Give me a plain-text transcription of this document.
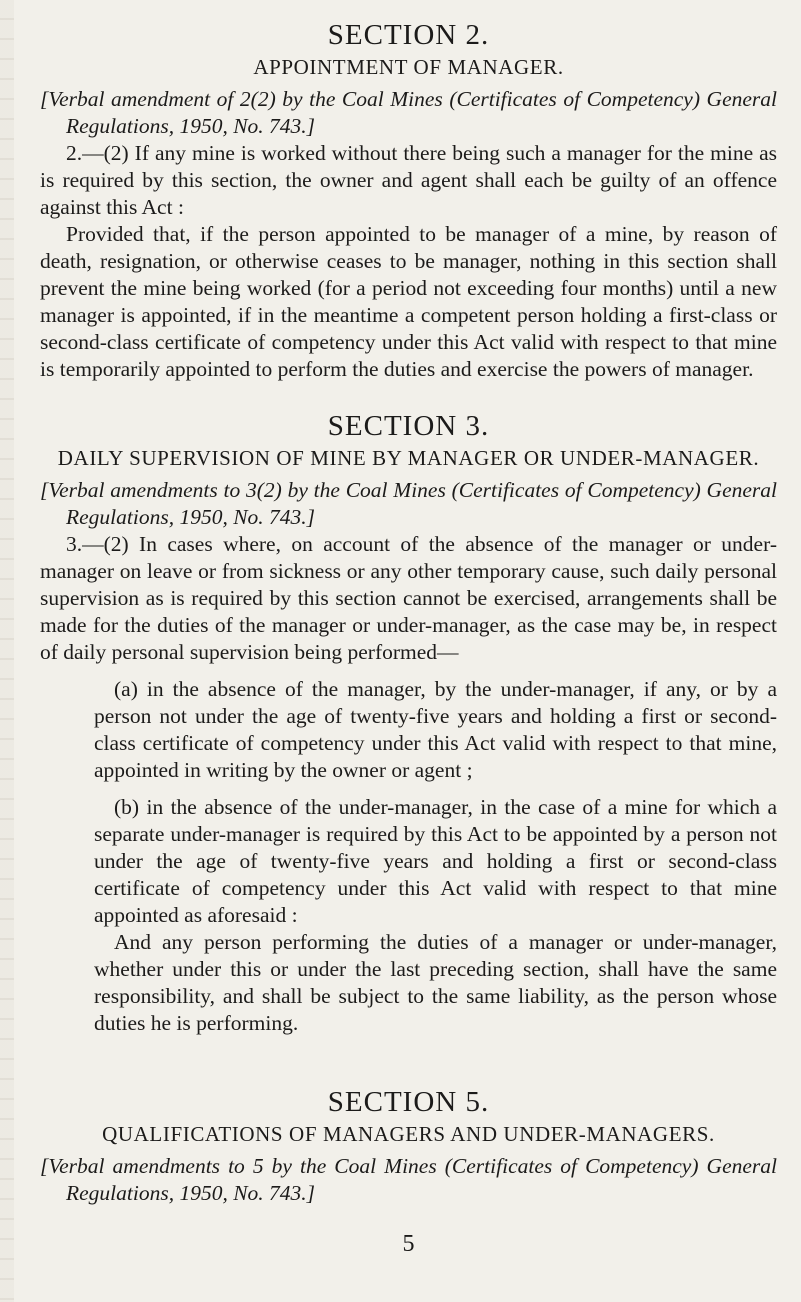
SECTION 2.
APPOINTMENT OF MANAGER.

[Verbal amendment of 2(2) by the Coal Mines (Certificates of Competency) General Regulations, 1950, No. 743.]

2.—(2) If any mine is worked without there being such a manager for the mine as is required by this section, the owner and agent shall each be guilty of an offence against this Act :

Provided that, if the person appointed to be manager of a mine, by reason of death, resignation, or otherwise ceases to be manager, nothing in this section shall prevent the mine being worked (for a period not exceeding four months) until a new manager is appointed, if in the meantime a competent person holding a first-class or second-class certificate of competency under this Act valid with respect to that mine is temporarily appointed to perform the duties and exercise the powers of manager.

SECTION 3.
DAILY SUPERVISION OF MINE BY MANAGER OR UNDER-MANAGER.

[Verbal amendments to 3(2) by the Coal Mines (Certificates of Competency) General Regulations, 1950, No. 743.]

3.—(2) In cases where, on account of the absence of the manager or under-manager on leave or from sickness or any other temporary cause, such daily personal supervision as is required by this section cannot be exercised, arrangements shall be made for the duties of the manager or under-manager, as the case may be, in respect of daily personal supervision being performed—

(a) in the absence of the manager, by the under-manager, if any, or by a person not under the age of twenty-five years and holding a first or second-class certificate of competency under this Act valid with respect to that mine, appointed in writing by the owner or agent ;

(b) in the absence of the under-manager, in the case of a mine for which a separate under-manager is required by this Act to be appointed by a person not under the age of twenty-five years and holding a first or second-class certificate of competency under this Act valid with respect to that mine appointed as aforesaid :

And any person performing the duties of a manager or under-manager, whether under this or under the last preceding section, shall have the same responsibility, and shall be subject to the same liability, as the person whose duties he is performing.

SECTION 5.
QUALIFICATIONS OF MANAGERS AND UNDER-MANAGERS.

[Verbal amendments to 5 by the Coal Mines (Certificates of Competency) General Regulations, 1950, No. 743.]

5
